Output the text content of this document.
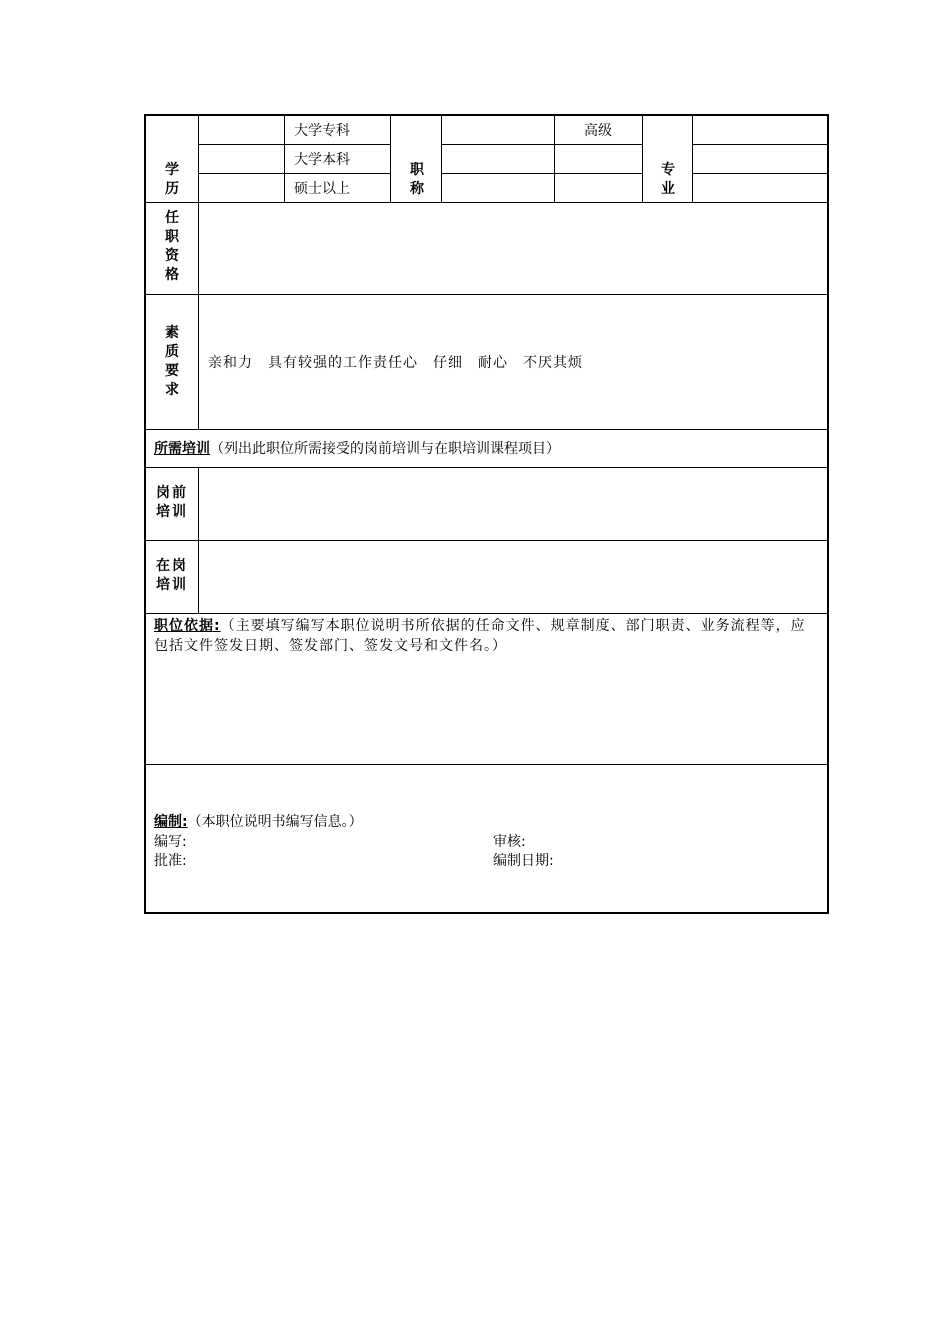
学历
大学专科
大学本科
硕士以上
职称
高级
专业
任职资格
素质要求
亲和力　具有较强的工作责任心　仔细　耐心　不厌其烦
所需培训（列出此职位所需接受的岗前培训与在职培训课程项目）
岗前培训
在岗培训
职位依据:（主要填写编写本职位说明书所依据的任命文件、规章制度、部门职责、业务流程等，应包括文件签发日期、签发部门、签发文号和文件名。）
编制:（本职位说明书编写信息。）
编写:	审核:
批准:	编制日期:
